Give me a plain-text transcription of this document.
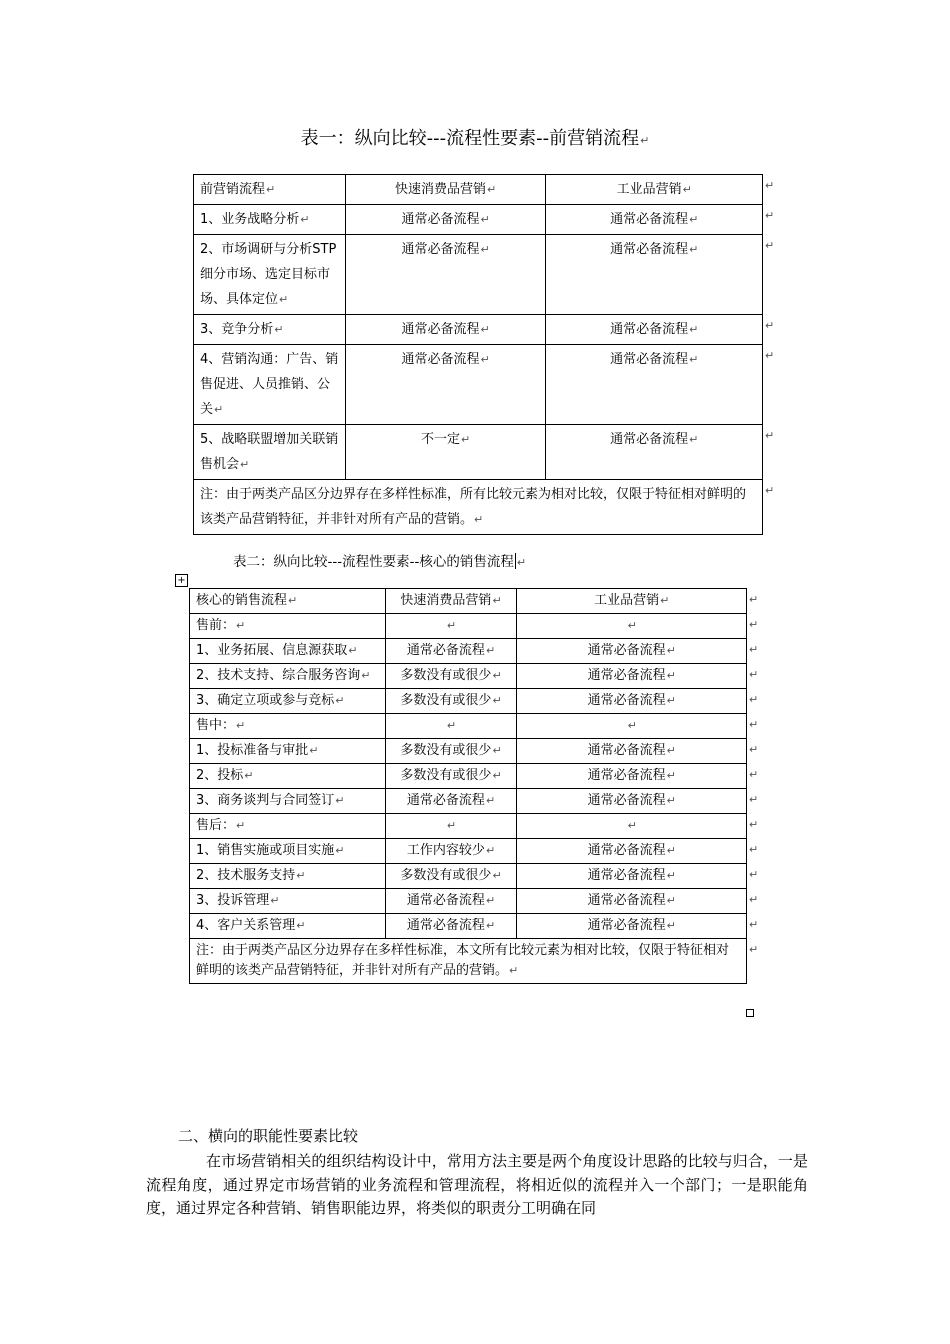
表一：纵向比较---流程性要素--前营销流程↵
前营销流程↵	快速消费品营销↵	工业品营销↵
1、业务战略分析↵	通常必备流程↵	通常必备流程↵
2、市场调研与分析STP细分市场、选定目标市场、具体定位↵	通常必备流程↵	通常必备流程↵
3、竞争分析↵	通常必备流程↵	通常必备流程↵
4、营销沟通：广告、销售促进、人员推销、公关↵	通常必备流程↵	通常必备流程↵
5、战略联盟增加关联销售机会↵	不一定↵	通常必备流程↵
注：由于两类产品区分边界存在多样性标准，所有比较元素为相对比较，仅限于特征相对鲜明的该类产品营销特征，并非针对所有产品的营销。↵		
表二：纵向比较---流程性要素--核心的销售流程 ↵
+
核心的销售流程↵	快速消费品营销↵	工业品营销↵
售前：↵	↵	↵
1、业务拓展、信息源获取↵	通常必备流程↵	通常必备流程↵
2、技术支持、综合服务咨询↵	多数没有或很少↵	通常必备流程↵
3、确定立项或参与竞标↵	多数没有或很少↵	通常必备流程↵
售中：↵	↵	↵
1、投标准备与审批↵	多数没有或很少↵	通常必备流程↵
2、投标↵	多数没有或很少↵	通常必备流程↵
3、商务谈判与合同签订↵	通常必备流程↵	通常必备流程↵
售后：↵	↵	↵
1、销售实施或项目实施↵	工作内容较少↵	通常必备流程↵
2、技术服务支持↵	多数没有或很少↵	通常必备流程↵
3、投诉管理↵	通常必备流程↵	通常必备流程↵
4、客户关系管理↵	通常必备流程↵	通常必备流程↵
注：由于两类产品区分边界存在多样性标准，本文所有比较元素为相对比较，仅限于特征相对鲜明的该类产品营销特征，并非针对所有产品的营销。↵		
二、横向的职能性要素比较
在市场营销相关的组织结构设计中，常用方法主要是两个角度设计思路的比较与归合，一是流程角度，通过界定市场营销的业务流程和管理流程，将相近似的流程并入一个部门；一是职能角度，通过界定各种营销、销售职能边界，将类似的职责分工明确在同
↵
↵
↵
↵
↵
↵
↵
↵
↵
↵
↵
↵
↵
↵
↵
↵
↵
↵
↵
↵
↵
↵
